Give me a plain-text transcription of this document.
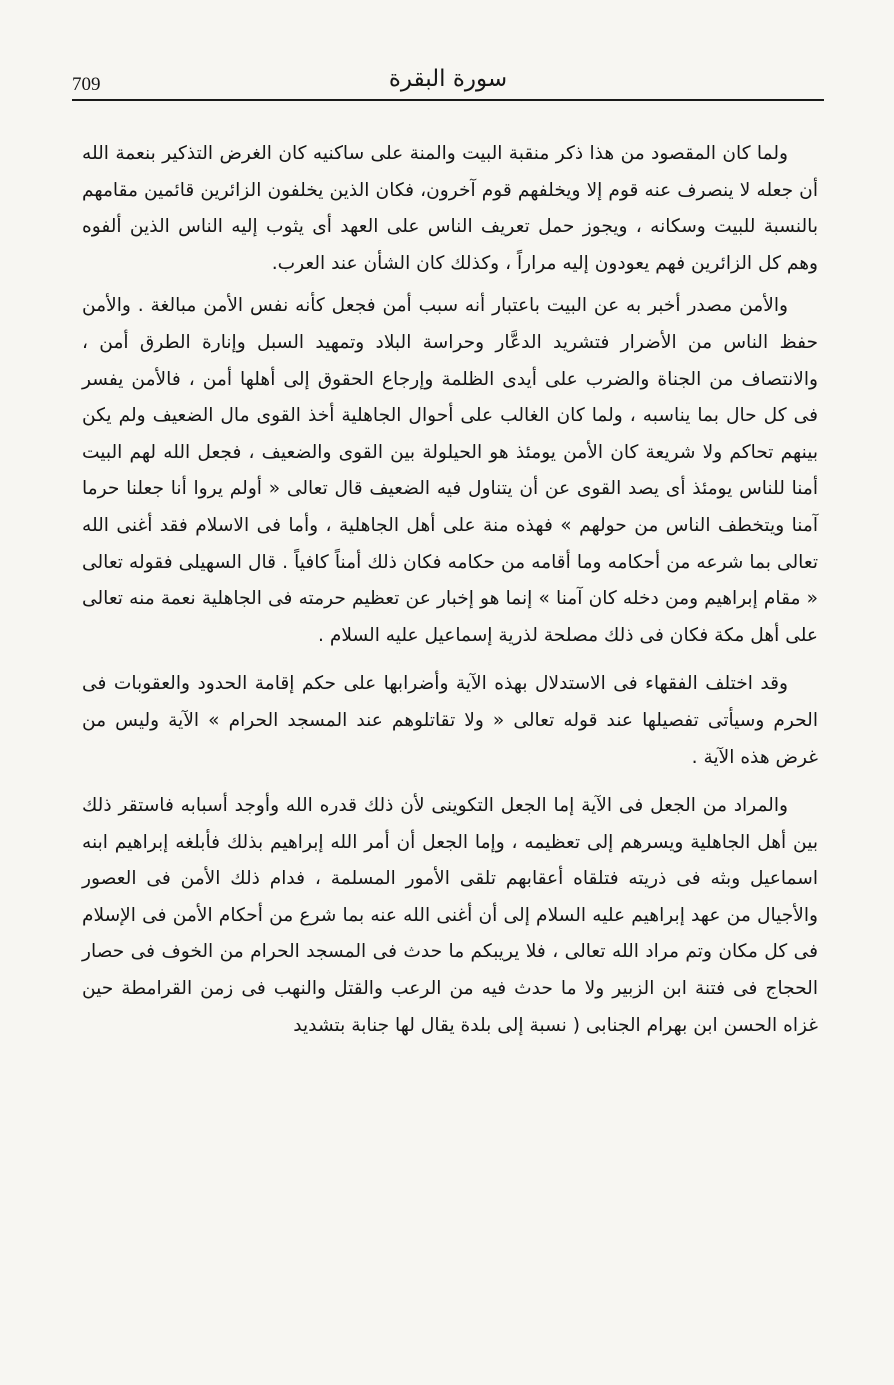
709	سورة البقرة

ولما كان المقصود من هذا ذكر منقبة البيت والمنة على ساكنيه كان الغرض التذكير بنعمة الله أن جعله لا ينصرف عنه قوم إلا ويخلفهم قوم آخرون، فكان الذين يخلفون الزائرين قائمين مقامهم بالنسبة للبيت وسكانه ، ويجوز حمل تعريف الناس على العهد أى يثوب إليه الناس الذين ألفوه وهم كل الزائرين فهم يعودون إليه مراراً ، وكذلك كان الشأن عند العرب.

والأمن مصدر أخبر به عن البيت باعتبار أنه سبب أمن فجعل كأنه نفس الأمن مبالغة . والأمن حفظ الناس من الأضرار فتشريد الدعَّار وحراسة البلاد وتمهيد السبل وإنارة الطرق أمن ، والانتصاف من الجناة والضرب على أيدى الظلمة وإرجاع الحقوق إلى أهلها أمن ، فالأمن يفسر فى كل حال بما يناسبه ، ولما كان الغالب على أحوال الجاهلية أخذ القوى مال الضعيف ولم يكن بينهم تحاكم ولا شريعة كان الأمن يومئذ هو الحيلولة بين القوى والضعيف ، فجعل الله لهم البيت أمنا للناس يومئذ أى يصد القوى عن أن يتناول فيه الضعيف قال تعالى « أولم يروا أنا جعلنا حرما آمنا ويتخطف الناس من حولهم » فهذه منة على أهل الجاهلية ، وأما فى الاسلام فقد أغنى الله تعالى بما شرعه من أحكامه وما أقامه من حكامه فكان ذلك أمناً كافياً . قال السهيلى فقوله تعالى « مقام إبراهيم ومن دخله كان آمنا » إنما هو إخبار عن تعظيم حرمته فى الجاهلية نعمة منه تعالى على أهل مكة فكان فى ذلك مصلحة لذرية إسماعيل عليه السلام .

وقد اختلف الفقهاء فى الاستدلال بهذه الآية وأضرابها على حكم إقامة الحدود والعقوبات فى الحرم وسيأتى تفصيلها عند قوله تعالى « ولا تقاتلوهم عند المسجد الحرام » الآية وليس من غرض هذه الآية .

والمراد من الجعل فى الآية إما الجعل التكوينى لأن ذلك قدره الله وأوجد أسبابه فاستقر ذلك بين أهل الجاهلية ويسرهم إلى تعظيمه ، وإما الجعل أن أمر الله إبراهيم بذلك فأبلغه إبراهيم ابنه اسماعيل وبثه فى ذريته فتلقاه أعقابهم تلقى الأمور المسلمة ، فدام ذلك الأمن فى العصور والأجيال من عهد إبراهيم عليه السلام إلى أن أغنى الله عنه بما شرع من أحكام الأمن فى الإسلام فى كل مكان وتم مراد الله تعالى ، فلا يريبكم ما حدث فى المسجد الحرام من الخوف فى حصار الحجاج فى فتنة ابن الزبير ولا ما حدث فيه من الرعب والقتل والنهب فى زمن القرامطة حين غزاه الحسن ابن بهرام الجنابى ( نسبة إلى بلدة يقال لها جنابة بتشديد
